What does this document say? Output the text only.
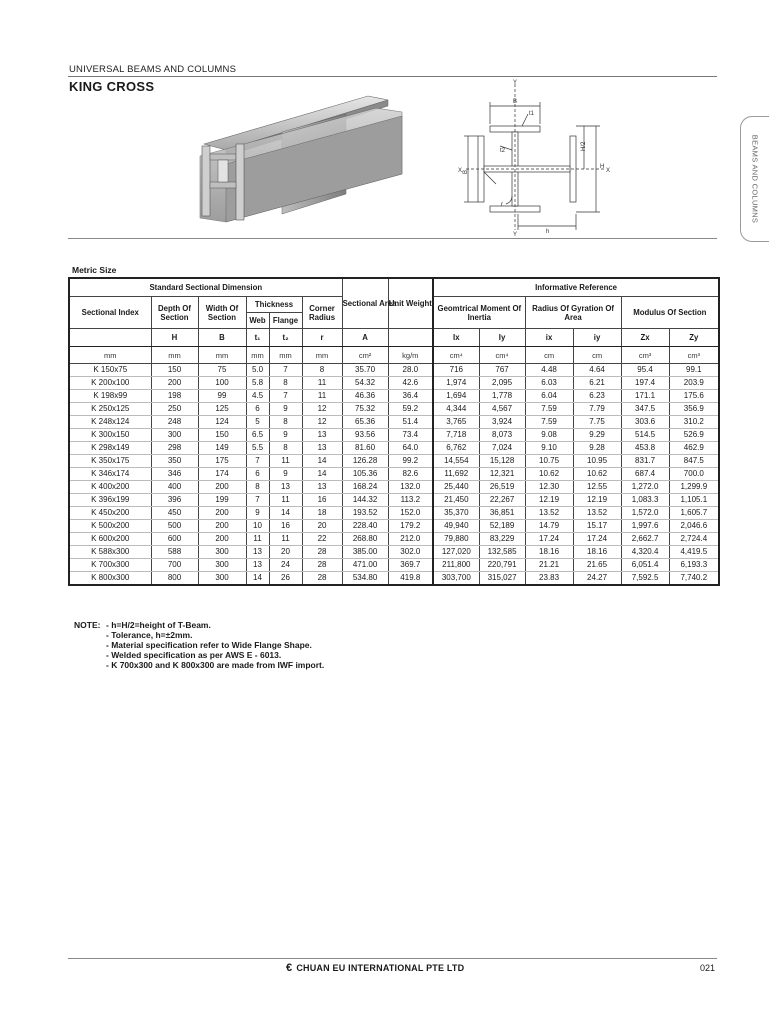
UNIVERSAL BEAMS AND COLUMNS
KING CROSS
BEAMS AND COLUMNS
Y
Y
X
X
B
B
H
H/2
h
t1
t2
r
Metric Size
Standard Sectional Dimension						Sectional Area	Unit Weight	Informative Reference					
Sectional Index	Depth Of Section	Width Of Section	Thickness		Corner Radius			Geomtrical Moment Of Inertia		Radius Of Gyration Of Area		Modulus Of Section	
			Web	Flange									
	H	B	t₁	t₂	r	A		Ix	Iy	ix	iy	Zx	Zy
mm	mm	mm	mm	mm	mm	cm²	kg/m	cm⁴	cm⁴	cm	cm	cm³	cm³
K 150x75	150	75	5.0	7	8	35.70	28.0	716	767	4.48	4.64	95.4	99.1
K 200x100	200	100	5.8	8	11	54.32	42.6	1,974	2,095	6.03	6.21	197.4	203.9
K 198x99	198	99	4.5	7	11	46.36	36.4	1,694	1,778	6.04	6.23	171.1	175.6
K 250x125	250	125	6	9	12	75.32	59.2	4,344	4,567	7.59	7.79	347.5	356.9
K 248x124	248	124	5	8	12	65.36	51.4	3,765	3,924	7.59	7.75	303.6	310.2
K 300x150	300	150	6.5	9	13	93.56	73.4	7,718	8,073	9.08	9.29	514.5	526.9
K 298x149	298	149	5.5	8	13	81.60	64.0	6,762	7,024	9.10	9.28	453.8	462.9
K 350x175	350	175	7	11	14	126.28	99.2	14,554	15,128	10.75	10.95	831.7	847.5
K 346x174	346	174	6	9	14	105.36	82.6	11,692	12,321	10.62	10.62	687.4	700.0
K 400x200	400	200	8	13	13	168.24	132.0	25,440	26,519	12.30	12.55	1,272.0	1,299.9
K 396x199	396	199	7	11	16	144.32	113.2	21,450	22,267	12.19	12.19	1,083.3	1,105.1
K 450x200	450	200	9	14	18	193.52	152.0	35,370	36,851	13.52	13.52	1,572.0	1,605.7
K 500x200	500	200	10	16	20	228.40	179.2	49,940	52,189	14.79	15.17	1,997.6	2,046.6
K 600x200	600	200	11	11	22	268.80	212.0	79,880	83,229	17.24	17.24	2,662.7	2,724.4
K 588x300	588	300	13	20	28	385.00	302.0	127,020	132,585	18.16	18.16	4,320.4	4,419.5
K 700x300	700	300	13	24	28	471.00	369.7	211,800	220,791	21.21	21.65	6,051.4	6,193.3
K 800x300	800	300	14	26	28	534.80	419.8	303,700	315,027	23.83	24.27	7,592.5	7,740.2
NOTE: - h=H/2=height of T-Beam.
- Tolerance, h=±2mm.
- Material specification refer to Wide Flange Shape.
- Welded specification as per AWS E - 6013.
- K 700x300 and K 800x300 are made from IWF import.
€ CHUAN EU INTERNATIONAL PTE LTD	021
